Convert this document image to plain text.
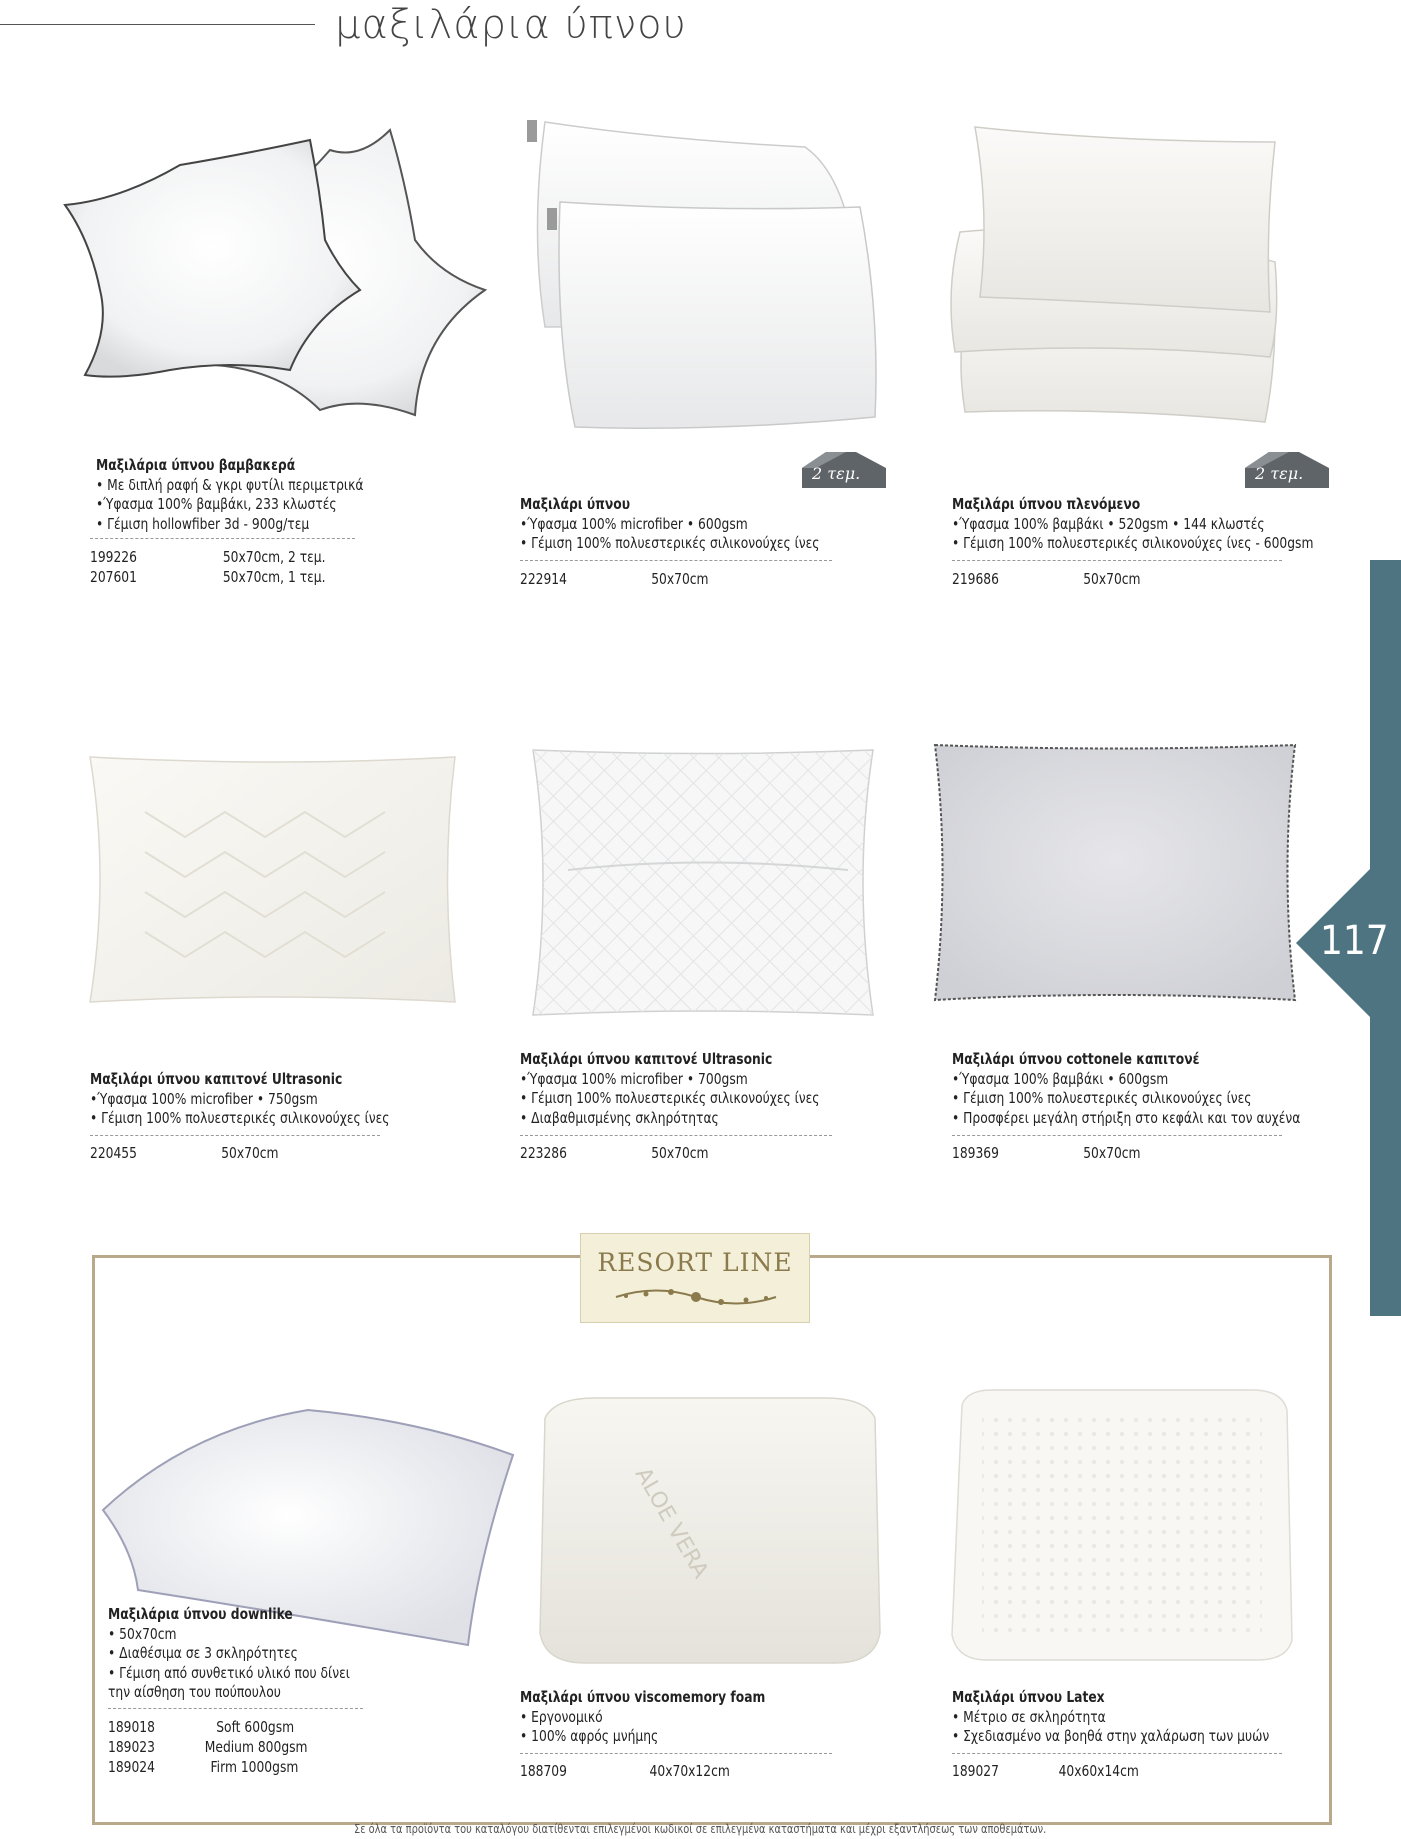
μαξιλάρια ύπνου
117
Μαξιλάρια ύπνου βαμβακερά
• Με διπλή ραφή & γκρι φυτίλι περιμετρικά
•Ύφασμα 100% βαμβάκι, 233 κλωστές
• Γέμιση hollowfiber 3d - 900g/τεμ
199226	50x70cm, 2 τεμ.
207601	50x70cm, 1 τεμ.
2 τεμ.
Μαξιλάρι ύπνου
•Ύφασμα 100% microfiber • 600gsm
• Γέμιση 100% πολυεστερικές σιλικονούχες ίνες
222914	50x70cm
2 τεμ.
Μαξιλάρι ύπνου πλενόμενο
•Ύφασμα 100% βαμβάκι • 520gsm • 144 κλωστές
• Γέμιση 100% πολυεστερικές σιλικονούχες ίνες - 600gsm
219686	50x70cm
Μαξιλάρι ύπνου καπιτονέ Ultrasonic
•Ύφασμα 100% microfiber • 750gsm
• Γέμιση 100% πολυεστερικές σιλικονούχες ίνες
220455	50x70cm
Μαξιλάρι ύπνου καπιτονέ Ultrasonic
•Ύφασμα 100% microfiber • 700gsm
• Γέμιση 100% πολυεστερικές σιλικονούχες ίνες
• Διαβαθμισμένης σκληρότητας
223286	50x70cm
Μαξιλάρι ύπνου cottonele καπιτονέ
•Ύφασμα 100% βαμβάκι • 600gsm
• Γέμιση 100% πολυεστερικές σιλικονούχες ίνες
• Προσφέρει μεγάλη στήριξη στο κεφάλι και τον αυχένα
189369	50x70cm
RESORT LINE
ALOE VERA
Μαξιλάρια ύπνου downlike
• 50x70cm
• Διαθέσιμα σε 3 σκληρότητες
• Γέμιση από συνθετικό υλικό που δίνει
την αίσθηση του πούπουλου
189018	Soft 600gsm
189023	Medium 800gsm
189024	Firm 1000gsm
Μαξιλάρι ύπνου viscomemory foam
• Εργονομικό
• 100% αφρός μνήμης
188709	40x70x12cm
Μαξιλάρι ύπνου Latex
• Μέτριο σε σκληρότητα
• Σχεδιασμένο να βοηθά στην χαλάρωση των μυών
189027	40x60x14cm
Σε όλα τα προϊόντα του καταλόγου διατίθενται επιλεγμένοι κωδικοί σε επιλεγμένα καταστήματα και μέχρι εξαντλήσεως των αποθεμάτων.
